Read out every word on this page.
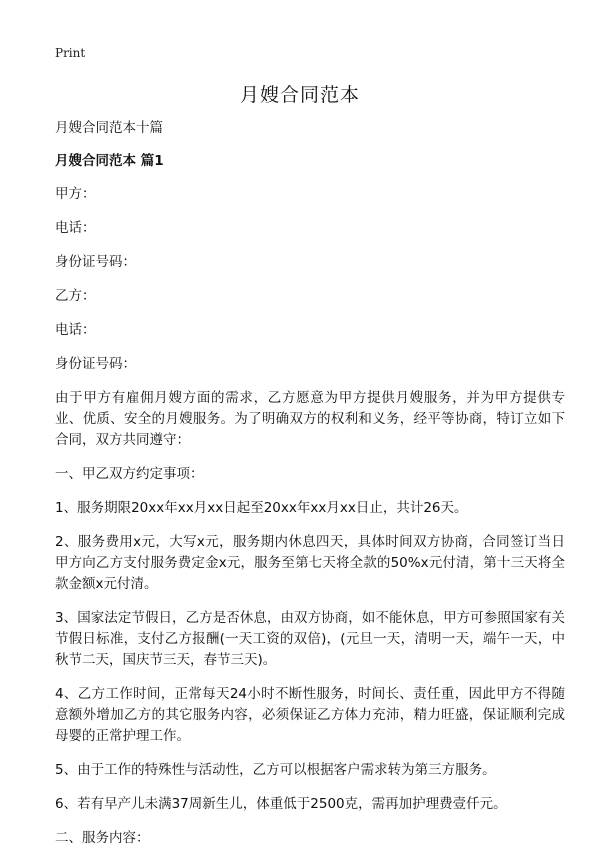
Print
月嫂合同范本

月嫂合同范本十篇

月嫂合同范本 篇1

甲方：

电话：

身份证号码：

乙方：

电话：

身份证号码：

由于甲方有雇佣月嫂方面的需求，乙方愿意为甲方提供月嫂服务，并为甲方提供专业、优质、安全的月嫂服务。为了明确双方的权利和义务，经平等协商，特订立如下合同，双方共同遵守：

一、甲乙双方约定事项：

1、服务期限20xx年xx月xx日起至20xx年xx月xx日止，共计26天。

2、服务费用x元，大写x元，服务期内休息四天，具体时间双方协商，合同签订当日甲方向乙方支付服务费定金x元，服务至第七天将全款的50%x元付清，第十三天将全款金额x元付清。

3、国家法定节假日，乙方是否休息，由双方协商，如不能休息，甲方可参照国家有关节假日标准，支付乙方报酬(一天工资的双倍)，(元旦一天，清明一天，端午一天，中秋节二天，国庆节三天，春节三天)。

4、乙方工作时间，正常每天24小时不断性服务，时间长、责任重，因此甲方不得随意额外增加乙方的其它服务内容，必须保证乙方体力充沛，精力旺盛，保证顺利完成母婴的正常护理工作。

5、由于工作的特殊性与活动性，乙方可以根据客户需求转为第三方服务。

6、若有早产儿未满37周新生儿，体重低于2500克，需再加护理费壹仟元。

二、服务内容：
